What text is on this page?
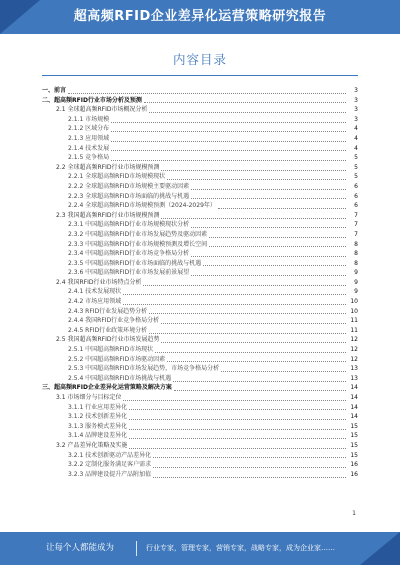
超高频RFID企业差异化运营策略研究报告
内容目录
一、前言	3
二、超高频RFID行业市场分析及预测	3
2.1 全球超高频RFID市场概况分析	3
2.1.1 市场规模	3
2.1.2 区域分布	4
2.1.3 应用领域	4
2.1.4 技术发展	4
2.1.5 竞争格局	5
2.2 全球超高频RFID行业市场规模预测	5
2.2.1 全球超高频RFID市场规模现状	5
2.2.2 全球超高频RFID市场规模主要驱动因素	6
2.2.3 全球超高频RFID市场面临的挑战与机遇	6
2.2.4 全球超高频RFID市场规模预测（2024-2029年）	6
2.3 我国超高频RFID行业市场规模预测	7
2.3.1 中国超高频RFID行业市场规模现状分析	7
2.3.2 中国超高频RFID行业市场发展趋势及驱动因素	7
2.3.3 中国超高频RFID行业市场规模预测及增长空间	8
2.3.4 中国超高频RFID行业市场竞争格局分析	8
2.3.5 中国超高频RFID行业市场面临的挑战与机遇	8
2.3.6 中国超高频RFID行业市场发展前景展望	9
2.4 我国RFID行业市场特点分析	9
2.4.1 技术发展现状	9
2.4.2 市场应用领域	10
2.4.3 RFID行业发展趋势分析	10
2.4.4 我国RFID行业竞争格局分析	11
2.4.5 RFID行业政策环境分析	11
2.5 我国超高频RFID行业市场发展趋势	12
2.5.1 中国超高频RFID市场现状	12
2.5.2 中国超高频RFID市场驱动因素	12
2.5.3 中国超高频RFID市场发展趋势，市场竞争格局分析	13
2.5.4 中国超高频RFID市场挑战与机遇	13
三、超高频RFID企业差异化运营策略及解决方案	14
3.1 市场细分与目标定位	14
3.1.1 行业应用差异化	14
3.1.2 技术创新差异化	14
3.1.3 服务模式差异化	15
3.1.4 品牌建设差异化	15
3.2 产品差异化策略及实施	15
3.2.1 技术创新驱动产品差异化	15
3.2.2 定制化服务满足客户需求	16
3.2.3 品牌建设提升产品附加值	16
1
让每个人都能成为	行业专家，管理专家，营销专家，战略专家，成为企业家……
